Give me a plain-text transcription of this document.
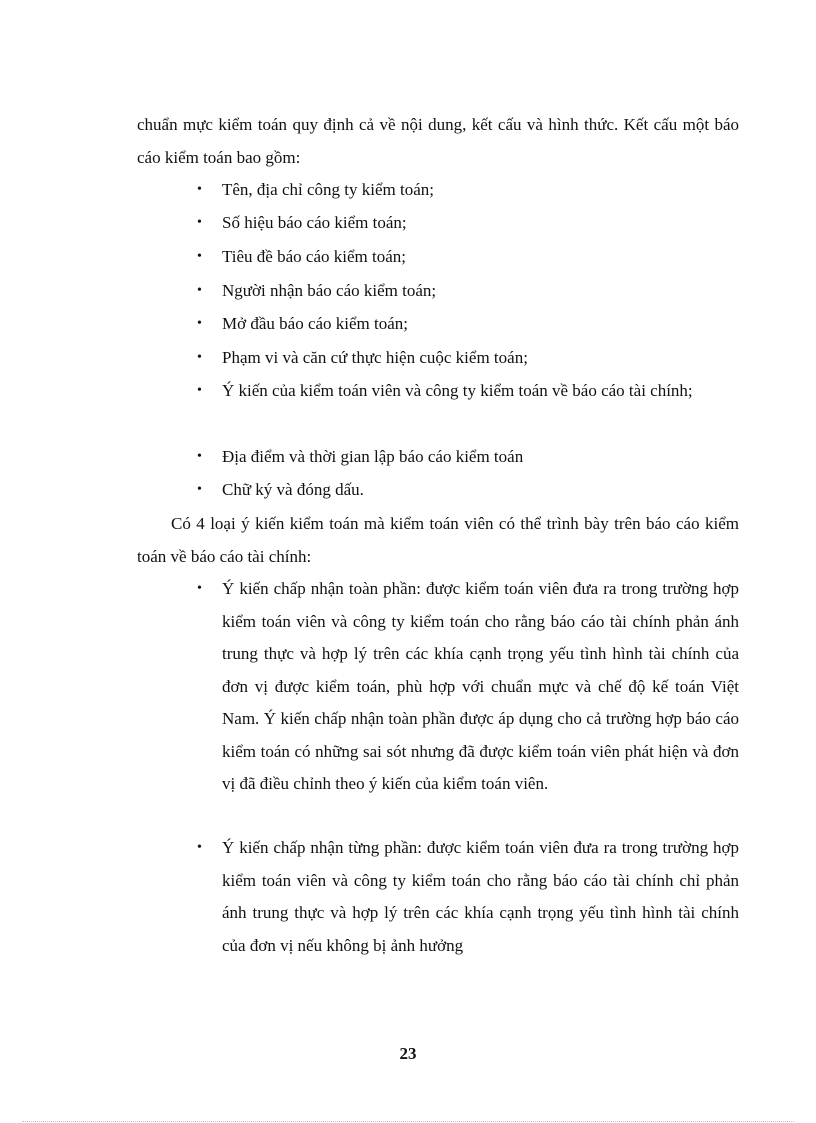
chuẩn mực kiểm toán quy định cả về nội dung, kết cấu và hình thức. Kết cấu một báo cáo kiểm toán bao gồm:

• Tên, địa chỉ công ty kiểm toán;
• Số hiệu báo cáo kiểm toán;
• Tiêu đề báo cáo kiểm toán;
• Người nhận báo cáo kiểm toán;
• Mở đầu báo cáo kiểm toán;
• Phạm vi và căn cứ thực hiện cuộc kiểm toán;
• Ý kiến của kiểm toán viên và công ty kiểm toán về báo cáo tài chính;
• Địa điểm và thời gian lập báo cáo kiểm toán
• Chữ ký và đóng dấu.

Có 4 loại ý kiến kiểm toán mà kiểm toán viên có thể trình bày trên báo cáo kiểm toán về báo cáo tài chính:

• Ý kiến chấp nhận toàn phần: được kiểm toán viên đưa ra trong trường hợp kiểm toán viên và công ty kiểm toán cho rằng báo cáo tài chính phản ánh trung thực và hợp lý trên các khía cạnh trọng yếu tình hình tài chính của đơn vị được kiểm toán, phù hợp với chuẩn mực và chế độ kế toán Việt Nam. Ý kiến chấp nhận toàn phần được áp dụng cho cả trường hợp báo cáo kiểm toán có những sai sót nhưng đã được kiểm toán viên phát hiện và đơn vị đã điều chỉnh theo ý kiến của kiểm toán viên.
• Ý kiến chấp nhận từng phần: được kiểm toán viên đưa ra trong trường hợp kiểm toán viên và công ty kiểm toán cho rằng báo cáo tài chính chỉ phản ánh trung thực và hợp lý trên các khía cạnh trọng yếu tình hình tài chính của đơn vị nếu không bị ảnh hưởng
23
